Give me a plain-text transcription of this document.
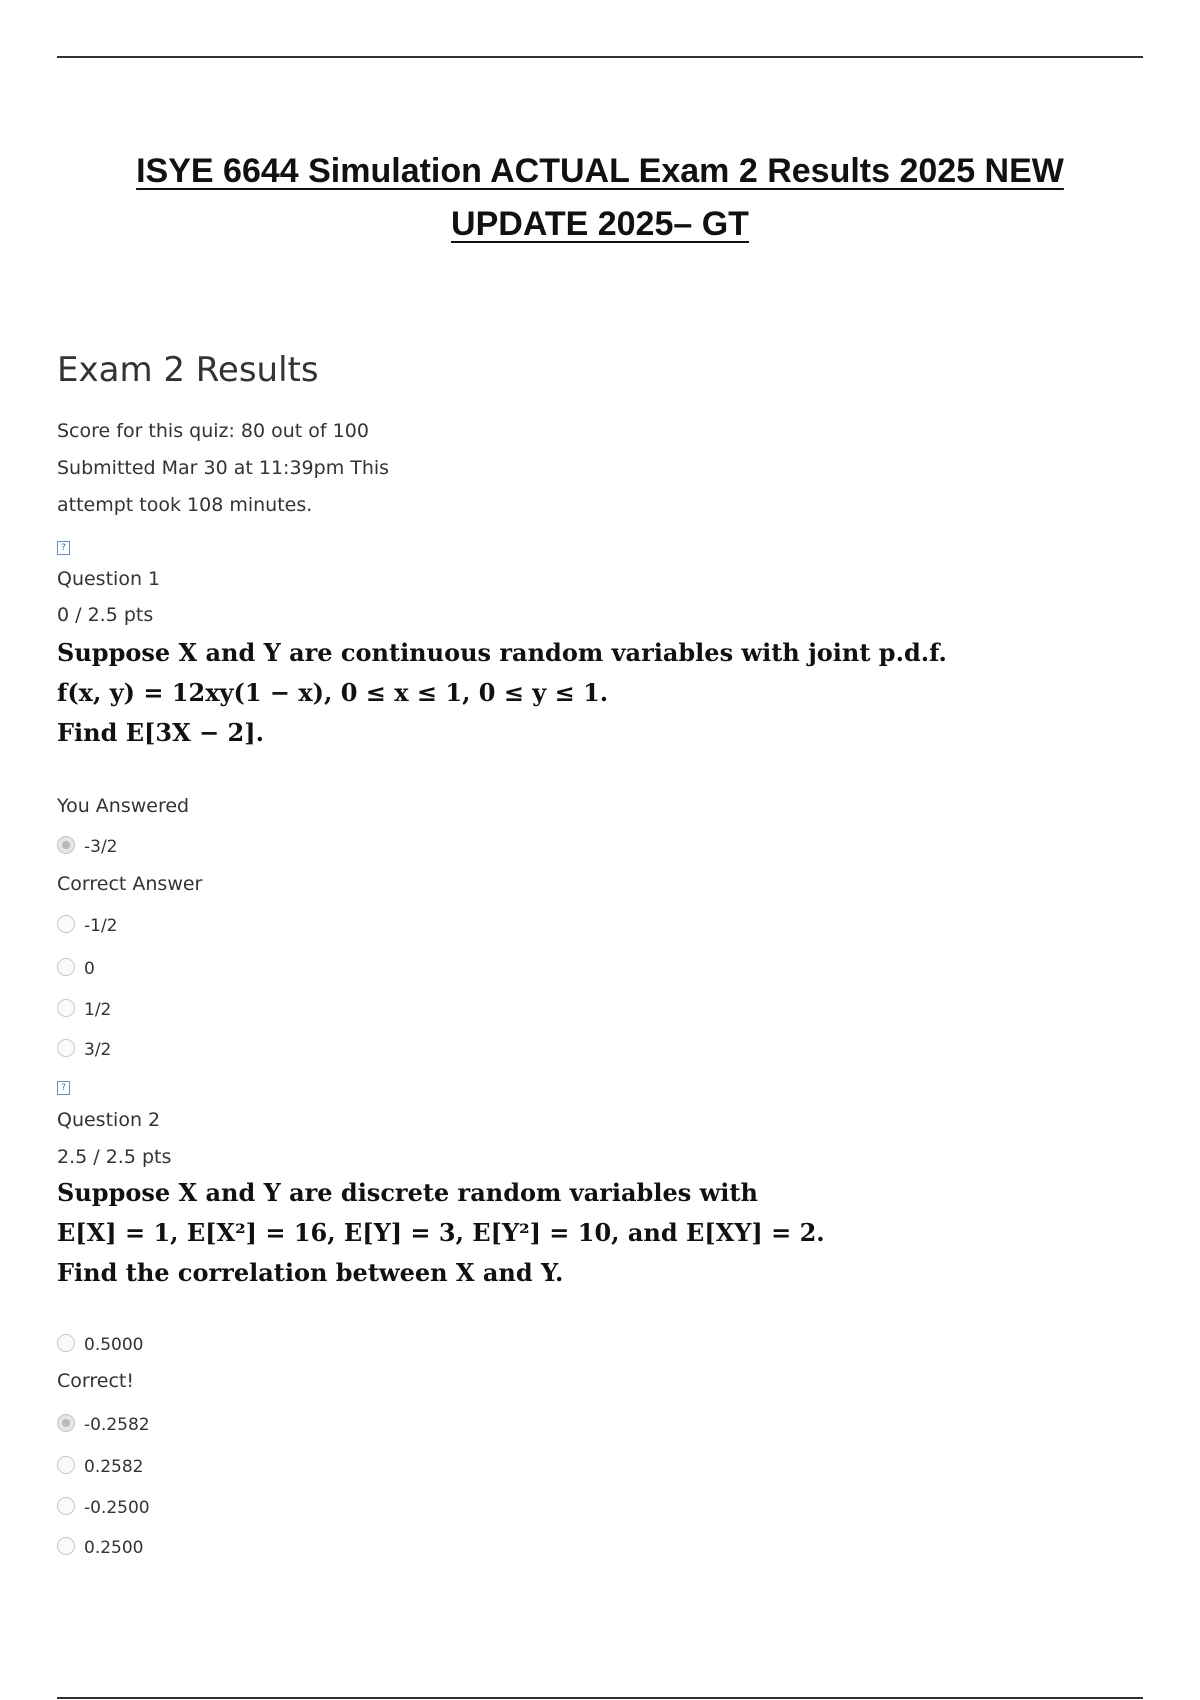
ISYE 6644 Simulation ACTUAL Exam 2 Results 2025 NEW
UPDATE 2025– GT
Exam 2 Results
Score for this quiz: 80 out of 100
Submitted Mar 30 at 11:39pm This
attempt took 108 minutes.
?
Question 1
0 / 2.5 pts
Suppose X and Y are continuous random variables with joint p.d.f.
f(x, y) = 12xy(1 − x), 0 ≤ x ≤ 1, 0 ≤ y ≤ 1.
Find E[3X − 2].
You Answered
-3/2
Correct Answer
-1/2
0
1/2
3/2
?
Question 2
2.5 / 2.5 pts
Suppose X and Y are discrete random variables with
E[X] = 1, E[X²] = 16, E[Y] = 3, E[Y²] = 10, and E[XY] = 2.
Find the correlation between X and Y.
0.5000
Correct!
-0.2582
0.2582
-0.2500
0.2500
